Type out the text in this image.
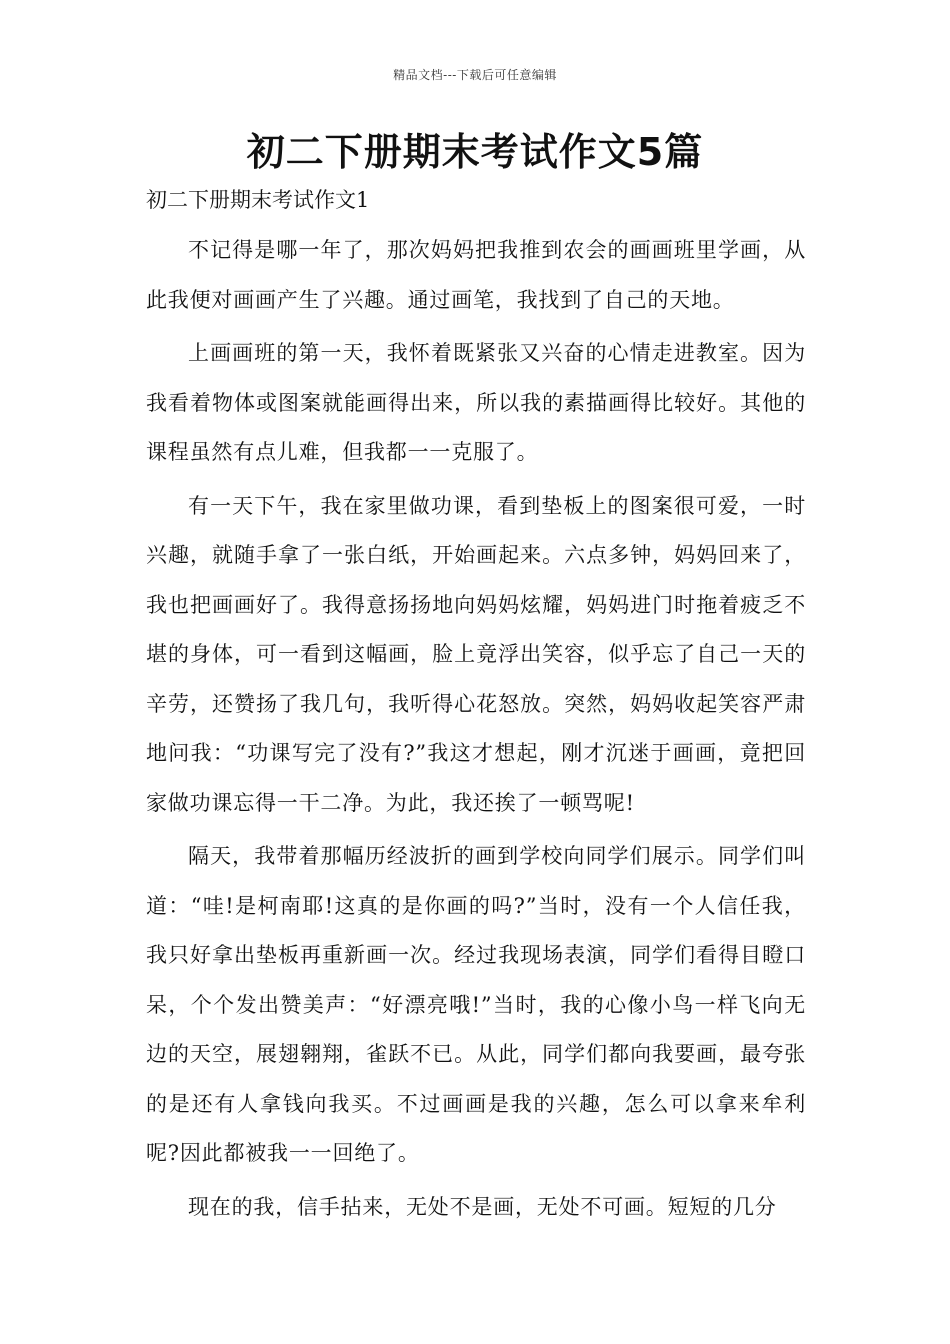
精品文档---下载后可任意编辑
初二下册期末考试作文5篇
初二下册期末考试作文1

不记得是哪一年了，那次妈妈把我推到农会的画画班里学画，从此我便对画画产生了兴趣。通过画笔，我找到了自己的天地。

上画画班的第一天，我怀着既紧张又兴奋的心情走进教室。因为我看着物体或图案就能画得出来，所以我的素描画得比较好。其他的课程虽然有点儿难，但我都一一克服了。

有一天下午，我在家里做功课，看到垫板上的图案很可爱，一时兴趣，就随手拿了一张白纸，开始画起来。六点多钟，妈妈回来了，我也把画画好了。我得意扬扬地向妈妈炫耀，妈妈进门时拖着疲乏不堪的身体，可一看到这幅画，脸上竟浮出笑容，似乎忘了自己一天的辛劳，还赞扬了我几句，我听得心花怒放。突然，妈妈收起笑容严肃地问我：“功课写完了没有?”我这才想起，刚才沉迷于画画，竟把回家做功课忘得一干二净。为此，我还挨了一顿骂呢!

隔天，我带着那幅历经波折的画到学校向同学们展示。同学们叫道：“哇!是柯南耶!这真的是你画的吗?”当时，没有一个人信任我，我只好拿出垫板再重新画一次。经过我现场表演，同学们看得目瞪口呆，个个发出赞美声：“好漂亮哦!”当时，我的心像小鸟一样飞向无边的天空，展翅翱翔，雀跃不已。从此，同学们都向我要画，最夸张的是还有人拿钱向我买。不过画画是我的兴趣，怎么可以拿来牟利呢?因此都被我一一回绝了。

现在的我，信手拈来，无处不是画，无处不可画。短短的几分
